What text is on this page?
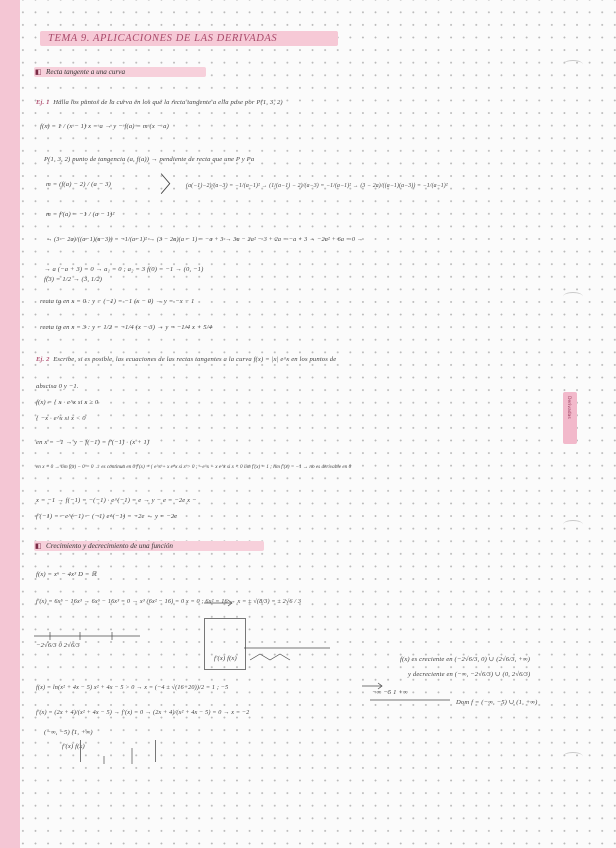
Derivadas

TEMA 9. APLICACIONES DE LAS DERIVADAS

◧ Recta tangente a una curva

Ej. 1 Halla los puntos de la curva en los que la recta tangente a ella pase por P(1, 3, 2)

f(x) = 1 / (x − 1) x = a → y − f(a) = m (x − a)

P(1, 3, 2) punto de tangencia (a, f(a)) → pendiente de recta que une P y Pa

m = (f(a) − 2) / (a − 3) 〉

m = f'(a) = −1 / (a − 1)²

(a(−1)−2)/(a−3) = −1/(a−1)² → (1/(a−1) − 2)/(a−3) = −1/(a−1)² → (3 − 2a)/((a−1)(a−3)) = −1/(a−1)²

→ (3 − 2a)/((a−1)(a−3)) = −1/(a−1)² → (3 − 2a)(a − 1) = −a + 3 → 3a − 2a² − 3 + 2a = −a + 3 → −2a² + 6a = 0 →

→ a (−a + 3) = 0 → a₁ = 0 ; a₂ = 3 f(0) = −1 → (0, −1)

f(3) = 1/2 → (3, 1/2)

recta tg en x = 0 : y − (−1) = −1 (x − 0) → y = −x − 1

recta tg en x = 3 : y − 1/2 = −1/4 (x − 3) → y = −1/4 x + 5/4

Ej. 2 Escribe, si es posible, las ecuaciones de las rectas tangentes a la curva f(x) = |x| e^x en los puntos de

abscisa 0 y −1.

f(x) = { x · e^x si x ≥ 0

{ −x · e^x si x < 0

en x = −1 → y − f(−1) = f'(−1) · (x + 1)

en x = 0 → lím f(x) − 0 = 0 → es continua en 0 f'(x) = { e^x + x e^x si x > 0 ; −e^x − x e^x si x < 0 lím f'(x) = 1 ; lím f'(x) = −1 → no es derivable en 0

x = −1 → f(−1) = −(−1) · e^(−1) = e → y − e = −2e x −

f'(−1) = −e^(−1) − (−1) e^(−1) = −2e → y = −2e

◧ Crecimiento y decrecimiento de una función

f(x) = x⁶ − 4x³ D = ℝ

f'(x) = 6x⁵ − 16x³ → 6x⁵ − 16x³ = 0 → x³ (6x² − 16) = 0 x = 0 ; 6x² = 16 → x = ± √(8/3) = ± 2√6 / 3

−2√6/3 0 2√6/3

f'(x) f(x)	f(x) es creciente en (−2√6/3, 0) ∪ (2√6/3, +∞)

y decreciente en (−∞, −2√6/3) ∪ (0, 2√6/3)

f(x) = ln(x² + 4x − 5) x² + 4x − 5 > 0 → x = (−4 ± √(16+20))/2 = 1 ; −5

f'(x) = (2x + 4)/(x² + 4x − 5) → f'(x) = 0 → (2x + 4)/(x² + 4x − 5) = 0 → x = −2

(−∞, −5) (1, +∞)

f'(x) f(x)

−∞ −5 1 +∞

Dom f = (−∞, −5) ∪ (1, +∞)
